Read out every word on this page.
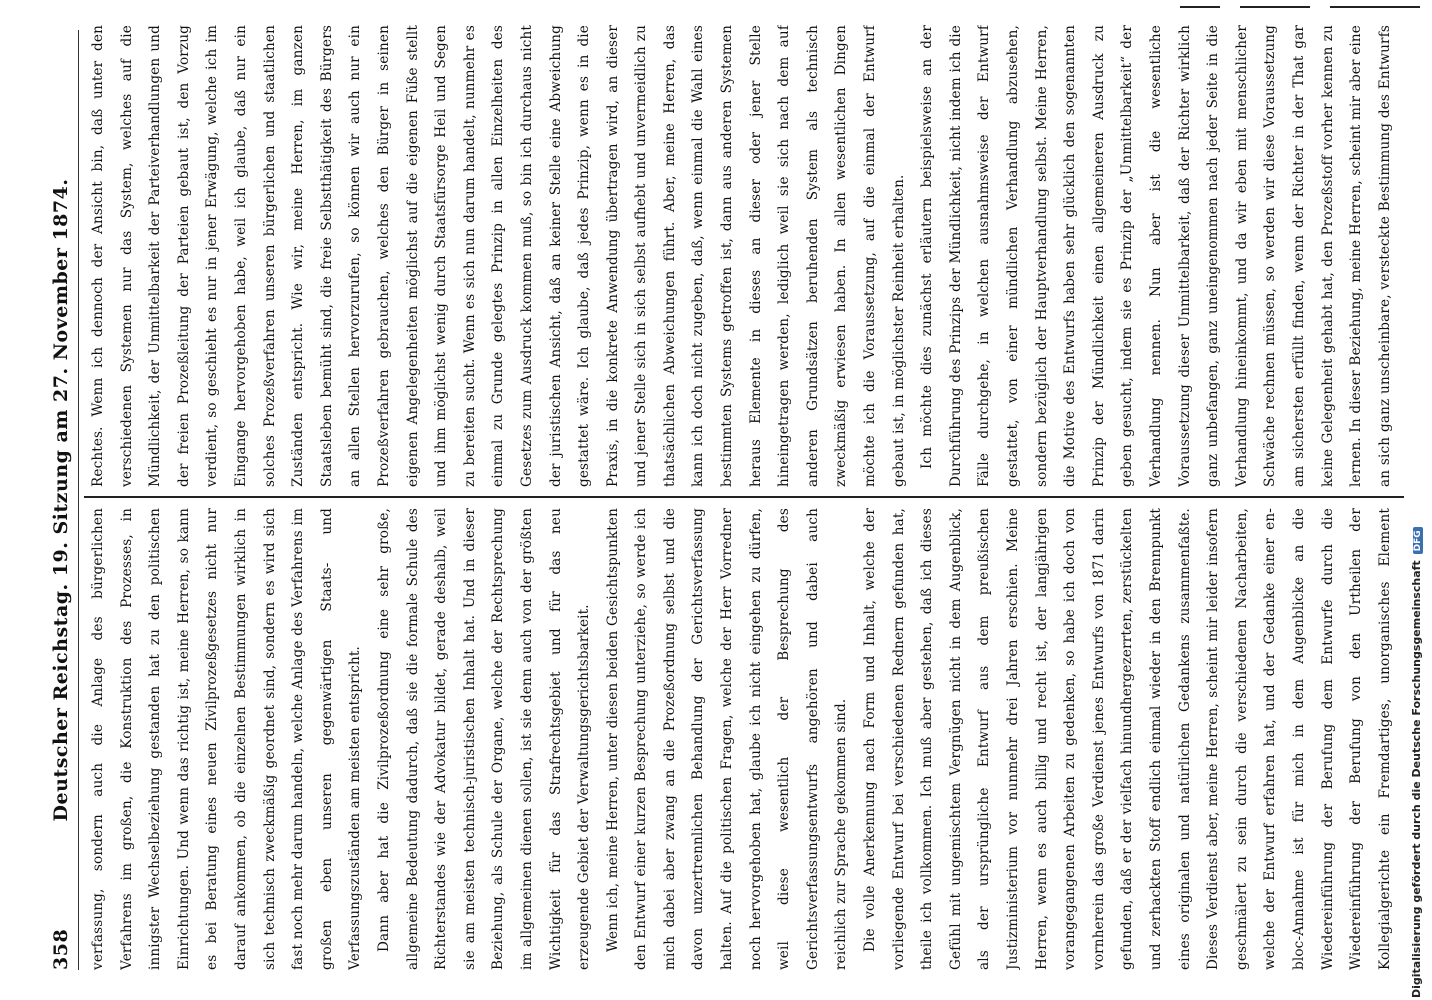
358
Deutscher Reichstag. 19. Sitzung am 27. November 1874.	verfassung, sondern auch die Anlage des bürgerlichen Verfahrens im großen, die Konstruktion des Prozesses, in innigster Wechselbeziehung gestanden hat zu den politischen Einrichtungen. Und wenn das richtig ist, meine Herren, so kann es bei Beratung eines neuen Zivilprozeßgesetzes nicht nur darauf ankommen, ob die einzelnen Bestimmungen wirklich in sich technisch zweckmäßig geordnet sind, sondern es wird sich fast noch mehr darum handeln, welche Anlage des Verfahrens im großen eben unseren gegenwärtigen Staats- und Verfassungszuständen am meisten entspricht. Dann aber hat die Zivilprozeßordnung eine sehr große, allgemeine Bedeutung dadurch, daß sie die formale Schule des Richterstandes wie der Advokatur bildet, gerade deshalb, weil sie am meisten technisch-juristischen Inhalt hat. Und in dieser Beziehung, als Schule der Organe, welche der Rechtsprechung im allgemeinen dienen sollen, ist sie denn auch von der größten Wichtigkeit für das Strafrechtsgebiet und für das neu erzeugende Gebiet der Verwaltungsgerichtsbarkeit. Wenn ich, meine Herren, unter diesen beiden Gesichtspunkten den Entwurf einer kurzen Besprechung unterziehe, so werde ich mich dabei aber zwang an die Prozeßordnung selbst und die davon unzertrennlichen Behandlung der Gerichtsverfassung halten. Auf die politischen Fragen, welche der Herr Vorredner noch hervorgehoben hat, glaube ich nicht eingehen zu dürfen, weil diese wesentlich der Besprechung des Gerichtsverfassungsentwurfs angehören und dabei auch reichlich zur Sprache gekommen sind. Die volle Anerkennung nach Form und Inhalt, welche der vorliegende Entwurf bei verschiedenen Rednern gefunden hat, theile ich vollkommen. Ich muß aber gestehen, daß ich dieses Gefühl mit ungemischtem Vergnügen nicht in dem Augenblick, als der ursprüngliche Entwurf aus dem preußischen Justizministerium vor nunmehr drei Jahren erschien. Meine Herren, wenn es auch billig und recht ist, der langjährigen vorangegangenen Arbeiten zu gedenken, so habe ich doch von vornherein das große Verdienst jenes Entwurfs von 1871 darin gefunden, daß er der vielfach hinundhergezerrten, zerstückelten und zerhackten Stoff endlich einmal wieder in den Brennpunkt eines originalen und natürlichen Gedankens zusammenfaßte. Dieses Verdienst aber, meine Herren, scheint mir leider insofern geschmälert zu sein durch die verschiedenen Nacharbeiten, welche der Entwurf erfahren hat, und der Gedanke einer en-bloc-Annahme ist für mich in dem Augenblicke an die Wiedereinführung der Berufung dem Entwurfe durch die Wiedereinführung der Berufung von den Urtheilen der Kollegialgerichte ein Fremdartiges, unorganisches Element

Rechtes. Wenn ich dennoch der Ansicht bin, daß unter den verschiedenen Systemen nur das System, welches auf die Mündlichkeit, der Unmittelbarkeit der Parteiverhandlungen und der freien Prozeßleitung der Parteien gebaut ist, den Vorzug verdient, so geschieht es nur in jener Erwägung, welche ich im Eingange hervorgehoben habe, weil ich glaube, daß nur ein solches Prozeßverfahren unseren bürgerlichen und staatlichen Zuständen entspricht. Wie wir, meine Herren, im ganzen Staatsleben bemüht sind, die freie Selbstthätigkeit des Bürgers an allen Stellen hervorzurufen, so können wir auch nur ein Prozeßverfahren gebrauchen, welches den Bürger in seinen eigenen Angelegenheiten möglichst auf die eigenen Füße stellt und ihm möglichst wenig durch Staatsfürsorge Heil und Segen zu bereiten sucht. Wenn es sich nun darum handelt, nunmehr es einmal zu Grunde gelegtes Prinzip in allen Einzelheiten des Gesetzes zum Ausdruck kommen muß, so bin ich durchaus nicht der juristischen Ansicht, daß an keiner Stelle eine Abweichung gestattet wäre. Ich glaube, daß jedes Prinzip, wenn es in die Praxis, in die konkrete Anwendung übertragen wird, an dieser und jener Stelle sich in sich selbst aufhebt und unvermeidlich zu thatsächlichen Abweichungen führt. Aber, meine Herren, das kann ich doch nicht zugeben, daß, wenn einmal die Wahl eines bestimmten Systems getroffen ist, dann aus anderen Systemen heraus Elemente in dieses an dieser oder jener Stelle hineingetragen werden, lediglich weil sie sich nach dem auf anderen Grundsätzen beruhenden System als technisch zweckmäßig erwiesen haben. In allen wesentlichen Dingen möchte ich die Voraussetzung, auf die einmal der Entwurf gebaut ist, in möglichster Reinheit erhalten. Ich möchte dies zunächst erläutern beispielsweise an der Durchführung des Prinzips der Mündlichkeit, nicht indem ich die Fälle durchgehe, in welchen ausnahmsweise der Entwurf gestattet, von einer mündlichen Verhandlung abzusehen, sondern bezüglich der Hauptverhandlung selbst. Meine Herren, die Motive des Entwurfs haben sehr glücklich den sogenannten Prinzip der Mündlichkeit einen allgemeineren Ausdruck zu geben gesucht, indem sie es Prinzip der „Unmittelbarkeit“ der Verhandlung nennen. Nun aber ist die wesentliche Voraussetzung dieser Unmittelbarkeit, daß der Richter wirklich ganz unbefangen, ganz uneingenommen nach jeder Seite in die Verhandlung hineinkommt, und da wir eben mit menschlicher Schwäche rechnen müssen, so werden wir diese Voraussetzung am sichersten erfüllt finden, wenn der Richter in der That gar keine Gelegenheit gehabt hat, den Prozeßstoff vorher kennen zu lernen. In dieser Beziehung, meine Herren, scheint mir aber eine an sich ganz unscheinbare, versteckte Bestimmung des Entwurfs

Digitalisierung gefördert durch die Deutsche ForschungsgemeinschaftDFG
